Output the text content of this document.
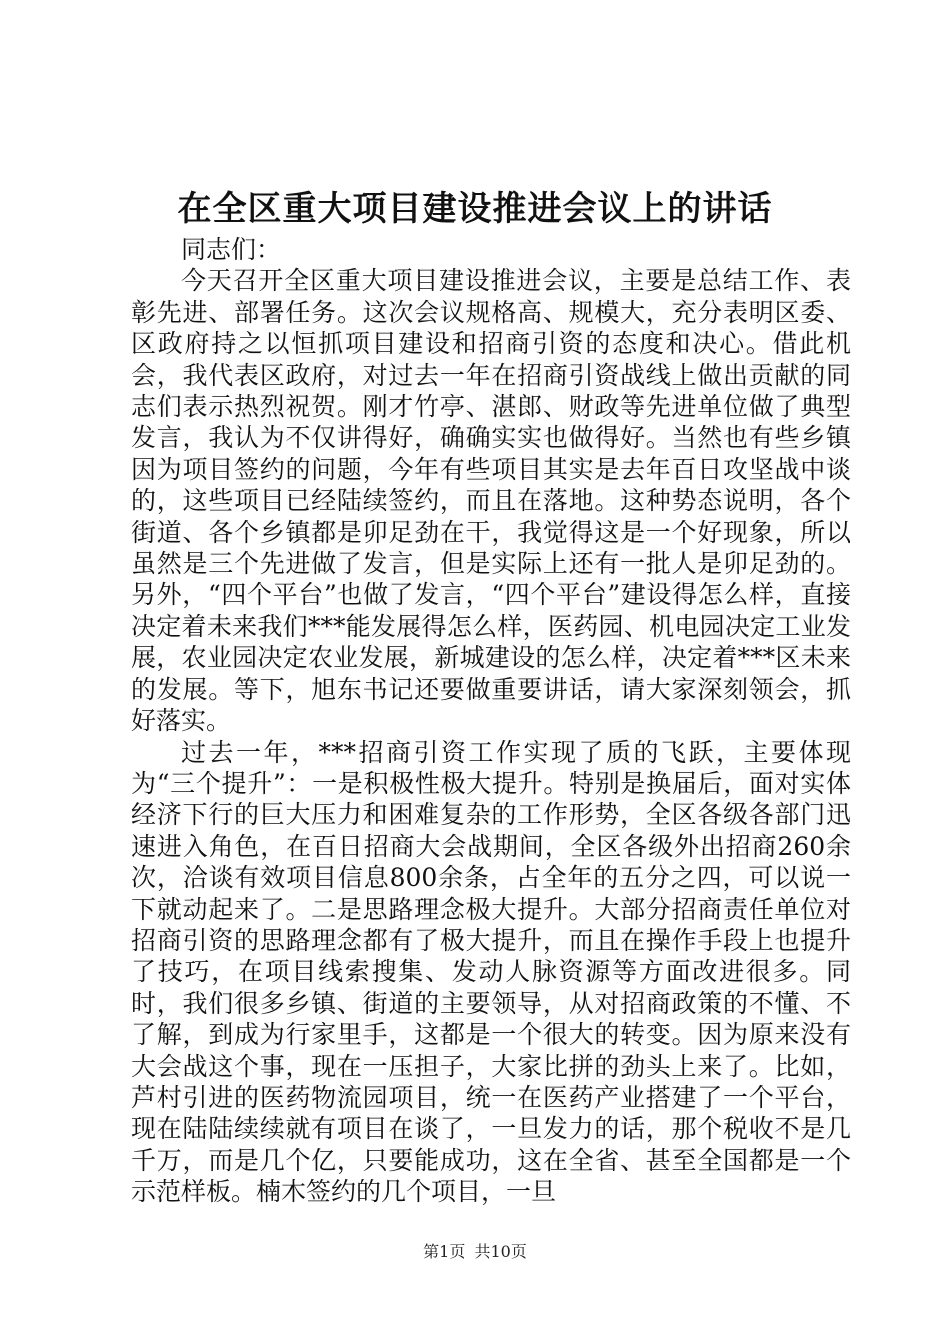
在全区重大项目建设推进会议上的讲话

同志们：

今天召开全区重大项目建设推进会议，主要是总结工作、表彰先进、部署任务。这次会议规格高、规模大，充分表明区委、区政府持之以恒抓项目建设和招商引资的态度和决心。借此机会，我代表区政府，对过去一年在招商引资战线上做出贡献的同志们表示热烈祝贺。刚才竹亭、湛郎、财政等先进单位做了典型发言，我认为不仅讲得好，确确实实也做得好。当然也有些乡镇因为项目签约的问题，今年有些项目其实是去年百日攻坚战中谈的，这些项目已经陆续签约，而且在落地。这种势态说明，各个街道、各个乡镇都是卯足劲在干，我觉得这是一个好现象，所以虽然是三个先进做了发言，但是实际上还有一批人是卯足劲的。另外，“四个平台”也做了发言，“四个平台”建设得怎么样，直接决定着未来我们***能发展得怎么样，医药园、机电园决定工业发展，农业园决定农业发展，新城建设的怎么样，决定着***区未来的发展。等下，旭东书记还要做重要讲话，请大家深刻领会，抓好落实。

过去一年，***招商引资工作实现了质的飞跃，主要体现为“三个提升”：一是积极性极大提升。特别是换届后，面对实体经济下行的巨大压力和困难复杂的工作形势，全区各级各部门迅速进入角色，在百日招商大会战期间，全区各级外出招商260余次，洽谈有效项目信息800余条，占全年的五分之四，可以说一下就动起来了。二是思路理念极大提升。大部分招商责任单位对招商引资的思路理念都有了极大提升，而且在操作手段上也提升了技巧，在项目线索搜集、发动人脉资源等方面改进很多。同时，我们很多乡镇、街道的主要领导，从对招商政策的不懂、不了解，到成为行家里手，这都是一个很大的转变。因为原来没有大会战这个事，现在一压担子，大家比拼的劲头上来了。比如，芦村引进的医药物流园项目，统一在医药产业搭建了一个平台，现在陆陆续续就有项目在谈了，一旦发力的话，那个税收不是几千万，而是几个亿，只要能成功，这在全省、甚至全国都是一个示范样板。楠木签约的几个项目，一旦

第1页 共10页
